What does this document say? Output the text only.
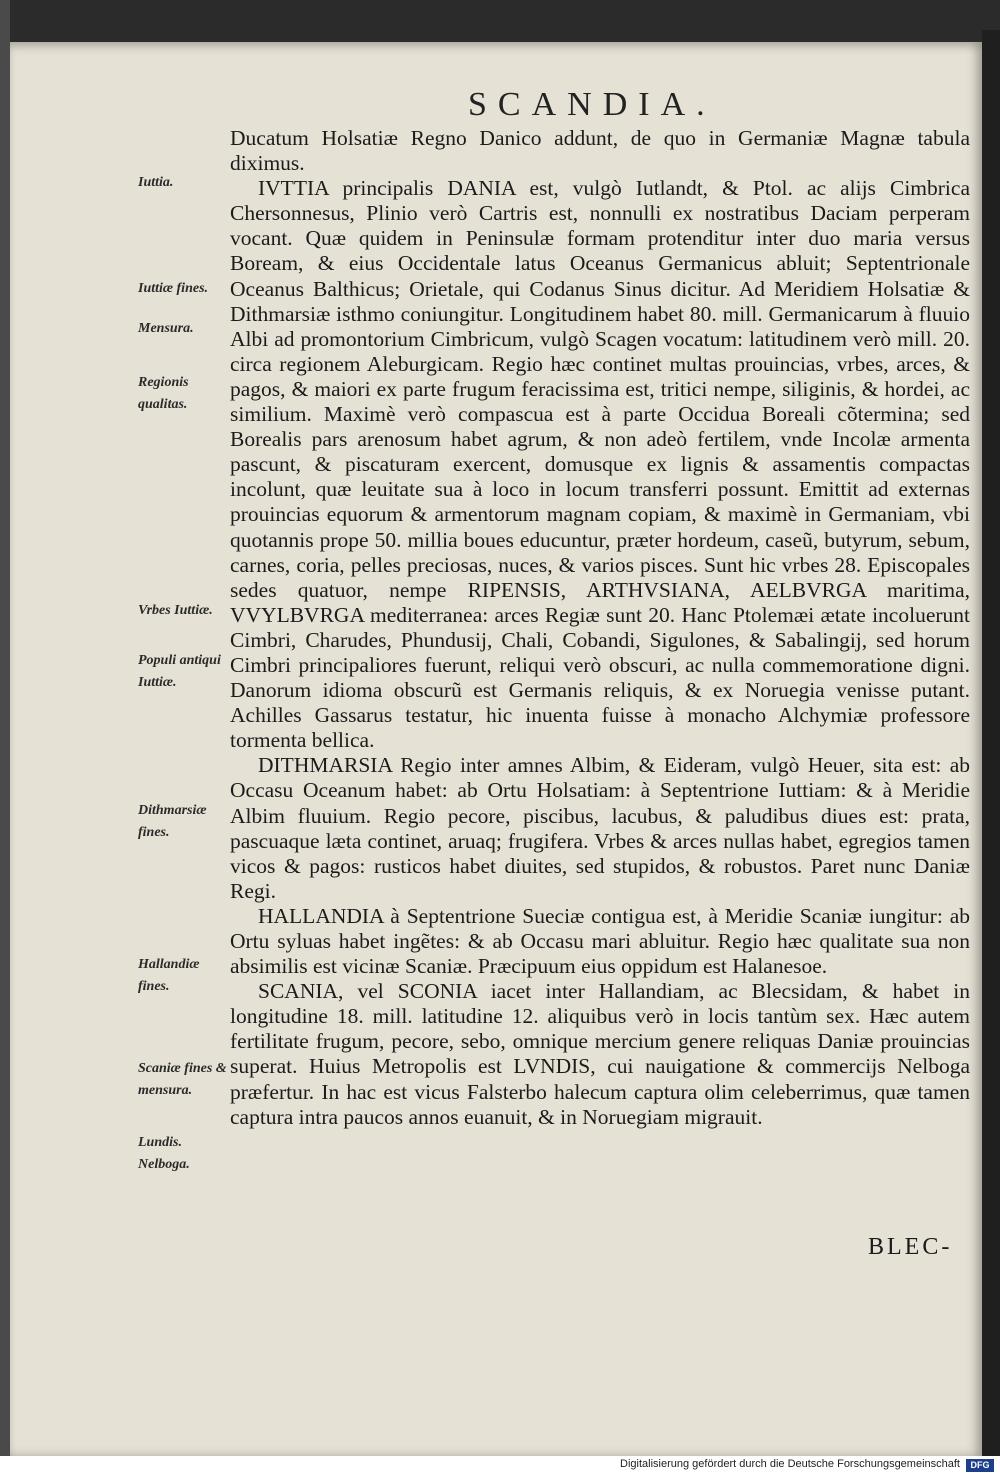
SCANDIA.

Ducatum Holsatiæ Regno Danico addunt, de quo in Germaniæ Magnæ tabula diximus.

IVTTIA principalis DANIA est, vulgò Iutlandt, & Ptol. ac alijs Cimbrica Chersonnesus, Plinio verò Cartris est, nonnulli ex nostratibus Daciam perperam vocant. Quæ quidem in Peninsulæ formam protenditur inter duo maria versus Boream, & eius Occidentale latus Oceanus Germanicus abluit; Septentrionale Oceanus Balthicus; Orietale, qui Codanus Sinus dicitur. Ad Meridiem Holsatiæ & Dithmarsiæ isthmo coniungitur. Longitudinem habet 80. mill. Germanicarum à fluuio Albi ad promontorium Cimbricum, vulgò Scagen vocatum: latitudinem verò mill. 20. circa regionem Aleburgicam. Regio hæc continet multas prouincias, vrbes, arces, & pagos, & maiori ex parte frugum feracissima est, tritici nempe, siliginis, & hordei, ac similium. Maximè verò compascua est à parte Occidua Boreali cõtermina; sed Borealis pars arenosum habet agrum, & non adeò fertilem, vnde Incolæ armenta pascunt, & piscaturam exercent, domusque ex lignis & assamentis compactas incolunt, quæ leuitate sua à loco in locum transferri possunt. Emittit ad externas prouincias equorum & armentorum magnam copiam, & maximè in Germaniam, vbi quotannis prope 50. millia boues educuntur, præter hordeum, caseũ, butyrum, sebum, carnes, coria, pelles preciosas, nuces, & varios pisces. Sunt hic vrbes 28. Episcopales sedes quatuor, nempe RIPENSIS, ARTHVSIANA, AELBVRGA maritima, VVYLBVRGA mediterranea: arces Regiæ sunt 20. Hanc Ptolemæi ætate incoluerunt Cimbri, Charudes, Phundusij, Chali, Cobandi, Sigulones, & Sabalingij, sed horum Cimbri principaliores fuerunt, reliqui verò obscuri, ac nulla commemoratione digni. Danorum idioma obscurũ est Germanis reliquis, & ex Noruegia venisse putant. Achilles Gassarus testatur, hic inuenta fuisse à monacho Alchymiæ professore tormenta bellica.

DITHMARSIA Regio inter amnes Albim, & Eideram, vulgò Heuer, sita est: ab Occasu Oceanum habet: ab Ortu Holsatiam: à Septentrione Iuttiam: & à Meridie Albim fluuium. Regio pecore, piscibus, lacubus, & paludibus diues est: prata, pascuaque læta continet, aruaq; frugifera. Vrbes & arces nullas habet, egregios tamen vicos & pagos: rusticos habet diuites, sed stupidos, & robustos. Paret nunc Daniæ Regi.

HALLANDIA à Septentrione Sueciæ contigua est, à Meridie Scaniæ iungitur: ab Ortu syluas habet ingẽtes: & ab Occasu mari abluitur. Regio hæc qualitate sua non absimilis est vicinæ Scaniæ. Præcipuum eius oppidum est Halanesoe.

SCANIA, vel SCONIA iacet inter Hallandiam, ac Blecsidam, & habet in longitudine 18. mill. latitudine 12. aliquibus verò in locis tantùm sex. Hæc autem fertilitate frugum, pecore, sebo, omnique mercium genere reliquas Daniæ prouincias superat. Huius Metropolis est LVNDIS, cui nauigatione & commercijs Nelboga præfertur. In hac est vicus Falsterbo halecum captura olim celeberrimus, quæ tamen captura intra paucos annos euanuit, & in Noruegiam migrauit.

Iuttia.
Iuttiæ fines.
Mensura.
Regionis qualitas.
Vrbes Iuttiæ.
Populi antiqui Iuttiæ.
Dithmarsiæ fines.
Hallandiæ fines.
Scaniæ fines & mensura.
Lundis.
Nelboga.
BLEC-
Digitalisierung gefördert durch die Deutsche Forschungsgemeinschaft	DFG
